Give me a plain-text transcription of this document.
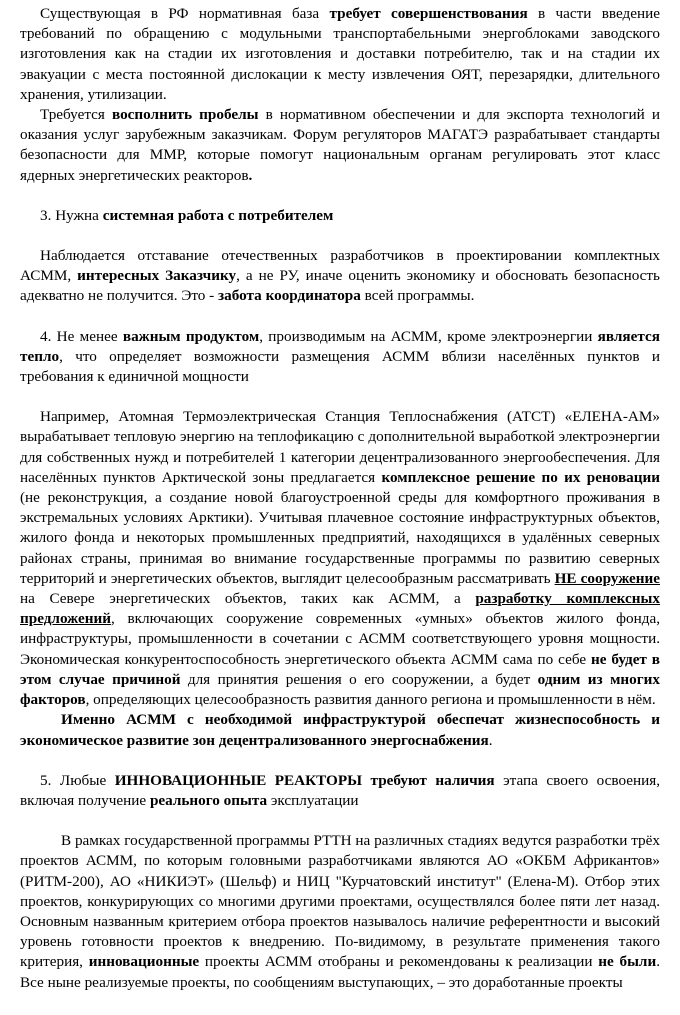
Существующая в РФ нормативная база требует совершенствования в части введение требований по обращению с модульными транспортабельными энергоблоками заводского изготовления как на стадии их изготовления и доставки потребителю, так и на стадии их эвакуации с места постоянной дислокации к месту извлечения ОЯТ, перезарядки, длительного хранения, утилизации.

Требуется восполнить пробелы в нормативном обеспечении и для экспорта технологий и оказания услуг зарубежным заказчикам. Форум регуляторов МАГАТЭ разрабатывает стандарты безопасности для ММР, которые помогут национальным органам регулировать этот класс ядерных энергетических реакторов.

3. Нужна системная работа с потребителем

Наблюдается отставание отечественных разработчиков в проектировании комплектных АСММ, интересных Заказчику, а не РУ, иначе оценить экономику и обосновать безопасность адекватно не получится. Это - забота координатора всей программы.

4. Не менее важным продуктом, производимым на АСММ, кроме электроэнергии является тепло, что определяет возможности размещения АСММ вблизи населённых пунктов и требования к единичной мощности

Например, Атомная Термоэлектрическая Станция Теплоснабжения (АТСТ) «ЕЛЕНА-АМ» вырабатывает тепловую энергию на теплофикацию с дополнительной выработкой электроэнергии для собственных нужд и потребителей 1 категории децентрализованного энергообеспечения. Для населённых пунктов Арктической зоны предлагается комплексное решение по их реновации (не реконструкция, а создание новой благоустроенной среды для комфортного проживания в экстремальных условиях Арктики). Учитывая плачевное состояние инфраструктурных объектов, жилого фонда и некоторых промышленных предприятий, находящихся в удалённых северных районах страны, принимая во внимание государственные программы по развитию северных территорий и энергетических объектов, выглядит целесообразным рассматривать НЕ сооружение на Севере энергетических объектов, таких как АСММ, а разработку комплексных предложений, включающих сооружение современных «умных» объектов жилого фонда, инфраструктуры, промышленности в сочетании с АСММ соответствующего уровня мощности. Экономическая конкурентоспособность энергетического объекта АСММ сама по себе не будет в этом случае причиной для принятия решения о его сооружении, а будет одним из многих факторов, определяющих целесообразность развития данного региона и промышленности в нём.

Именно АСММ с необходимой инфраструктурой обеспечат жизнеспособность и экономическое развитие зон децентрализованного энергоснабжения.

5. Любые ИННОВАЦИОННЫЕ РЕАКТОРЫ требуют наличия этапа своего освоения, включая получение реального опыта эксплуатации

В рамках государственной программы РТТН на различных стадиях ведутся разработки трёх проектов АСММ, по которым головными разработчиками являются АО «ОКБМ Африкантов» (РИТМ-200), АО «НИКИЭТ» (Шельф) и НИЦ "Курчатовский институт" (Елена-М). Отбор этих проектов, конкурирующих со многими другими проектами, осуществлялся более пяти лет назад. Основным названным критерием отбора проектов называлось наличие референтности и высокий уровень готовности проектов к внедрению. По-видимому, в результате применения такого критерия, инновационные проекты АСММ отобраны и рекомендованы к реализации не были. Все ныне реализуемые проекты, по сообщениям выступающих, – это доработанные проекты
